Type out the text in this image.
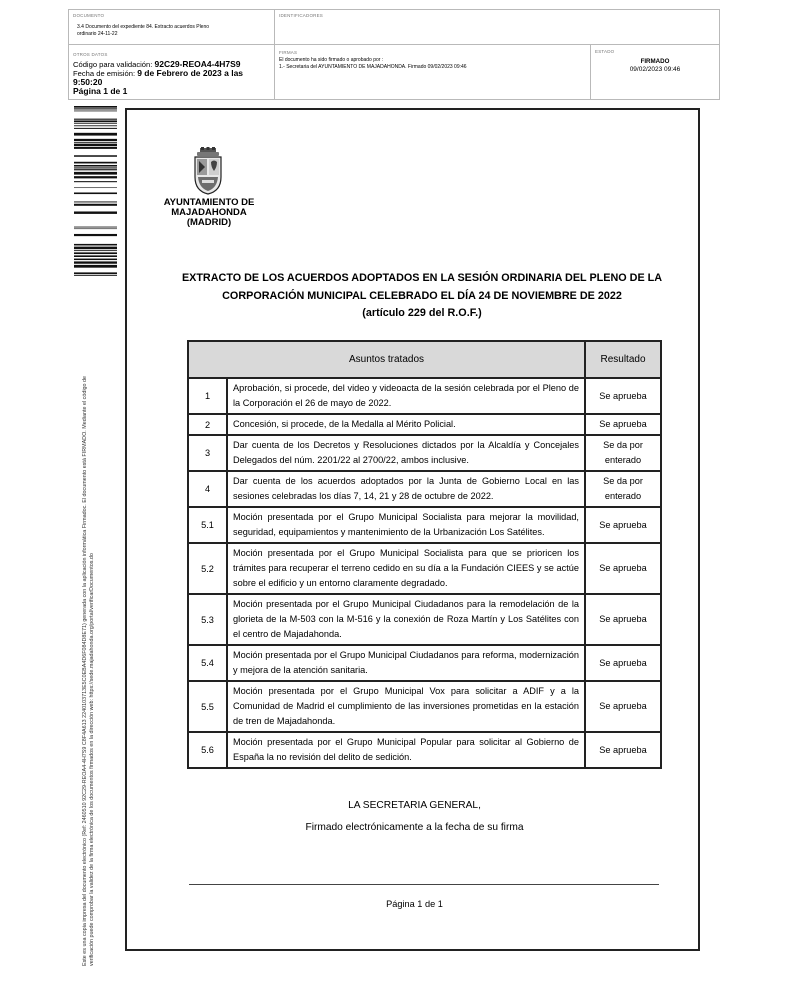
DOCUMENTO
3.4 Documento del expediente 84. Extracto acuerdos Pleno ordinario 24-11-22
IDENTIFICADORES
OTROS DATOS
Código para validación: 92C29-REOA4-4H7S9
Fecha de emisión: 9 de Febrero de 2023 a las 9:50:20
Página 1 de 1
FIRMAS
El documento ha sido firmado o aprobado por :
1.- Secretaria del AYUNTAMIENTO DE MAJADAHONDA. Firmado 09/02/2023 09:46
ESTADO
FIRMADO
09/02/2023 09:46
Este es una copia impresa del documento electrónico (Ref: 2460510 92C29-REOA4-4H7S9 C8F4A613 2240103713E5C0EBA4D6F084D8E71) generada con la aplicación informática Firmadoc. El documento está FIRMADO. Mediante el código de verificación puede comprobar la validez de la firma electrónica de los documentos firmados en la dirección web: https://sede.majadahonda.org/portal/verificarDocumentos.do
AYUNTAMIENTO DE
MAJADAHONDA
(MADRID)
EXTRACTO DE LOS ACUERDOS ADOPTADOS EN LA SESIÓN ORDINARIA DEL PLENO DE LA
CORPORACIÓN MUNICIPAL CELEBRADO EL DÍA 24 DE NOVIEMBRE DE 2022
(artículo 229 del R.O.F.)
Asuntos tratados		Resultado
1	Aprobación, si procede, del video y videoacta de la sesión celebrada por el Pleno de la Corporación el 26 de mayo de 2022.	Se aprueba
2	Concesión, si procede, de la Medalla al Mérito Policial.	Se aprueba
3	Dar cuenta de los Decretos y Resoluciones dictados por la Alcaldía y Concejales Delegados del núm. 2201/22 al 2700/22, ambos inclusive.	Se da por enterado
4	Dar cuenta de los acuerdos adoptados por la Junta de Gobierno Local en las sesiones celebradas los días 7, 14, 21 y 28 de octubre de 2022.	Se da por enterado
5.1	Moción presentada por el Grupo Municipal Socialista para mejorar la movilidad, seguridad, equipamientos y mantenimiento de la Urbanización Los Satélites.	Se aprueba
5.2	Moción presentada por el Grupo Municipal Socialista para que se prioricen los trámites para recuperar el terreno cedido en su día a la Fundación CIEES y se actúe sobre el edificio y un entorno claramente degradado.	Se aprueba
5.3	Moción presentada por el Grupo Municipal Ciudadanos para la remodelación de la glorieta de la M-503 con la M-516 y la conexión de Roza Martín y Los Satélites con el centro de Majadahonda.	Se aprueba
5.4	Moción presentada por el Grupo Municipal Ciudadanos para reforma, modernización y mejora de la atención sanitaria.	Se aprueba
5.5	Moción presentada por el Grupo Municipal Vox para solicitar a ADIF y a la Comunidad de Madrid el cumplimiento de las inversiones prometidas en la estación de tren de Majadahonda.	Se aprueba
5.6	Moción presentada por el Grupo Municipal Popular para solicitar al Gobierno de España la no revisión del delito de sedición.	Se aprueba
LA SECRETARIA GENERAL,
Firmado electrónicamente a la fecha de su firma
Página 1 de 1
